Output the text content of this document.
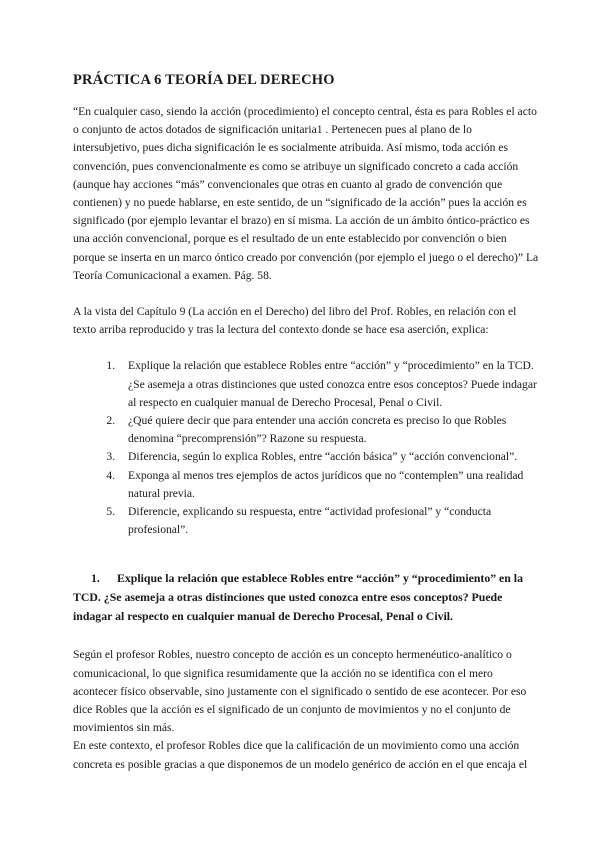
PRÁCTICA 6 TEORÍA DEL DERECHO

“En cualquier caso, siendo la acción (procedimiento) el concepto central, ésta es para Robles el acto o conjunto de actos dotados de significación unitaria1 . Pertenecen pues al plano de lo intersubjetivo, pues dicha significación le es socialmente atribuida. Así mismo, toda acción es convención, pues convencionalmente es como se atribuye un significado concreto a cada acción (aunque hay acciones “más” convencionales que otras en cuanto al grado de convención que contienen) y no puede hablarse, en este sentido, de un “significado de la acción” pues la acción es significado (por ejemplo levantar el brazo) en sí misma. La acción de un ámbito óntico-práctico es una acción convencional, porque es el resultado de un ente establecido por convención o bien porque se inserta en un marco óntico creado por convención (por ejemplo el juego o el derecho)” La Teoría Comunicacional a examen. Pág. 58.

A la vista del Capítulo 9 (La acción en el Derecho) del libro del Prof. Robles, en relación con el texto arriba reproducido y tras la lectura del contexto donde se hace esa aserción, explica:

1. Explique la relación que establece Robles entre “acción” y “procedimiento” en la TCD. ¿Se asemeja a otras distinciones que usted conozca entre esos conceptos? Puede indagar al respecto en cualquier manual de Derecho Procesal, Penal o Civil.
2. ¿Qué quiere decir que para entender una acción concreta es preciso lo que Robles denomina “precomprensión”? Razone su respuesta.
3. Diferencia, según lo explica Robles, entre “acción básica” y “acción convencional”.
4. Exponga al menos tres ejemplos de actos jurídicos que no “contemplen” una realidad natural previa.
5. Diferencie, explicando su respuesta, entre “actividad profesional” y “conducta profesional”.

1. Explique la relación que establece Robles entre “acción” y “procedimiento” en la TCD. ¿Se asemeja a otras distinciones que usted conozca entre esos conceptos? Puede indagar al respecto en cualquier manual de Derecho Procesal, Penal o Civil.

Según el profesor Robles, nuestro concepto de acción es un concepto hermenéutico-analítico o comunicacional, lo que significa resumidamente que la acción no se identifica con el mero acontecer físico observable, sino justamente con el significado o sentido de ese acontecer. Por eso dice Robles que la acción es el significado de un conjunto de movimientos y no el conjunto de movimientos sin más.

En este contexto, el profesor Robles dice que la calificación de un movimiento como una acción concreta es posible gracias a que disponemos de un modelo genérico de acción en el que encaja el
